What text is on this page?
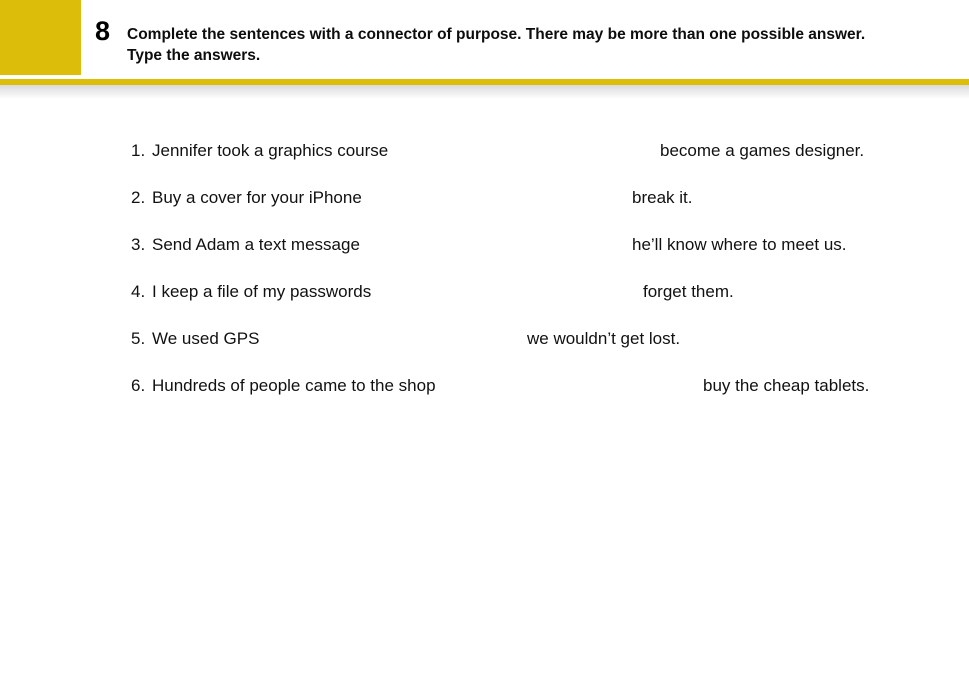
8 Complete the sentences with a connector of purpose. There may be more than one possible answer.
Type the answers.
1. Jennifer took a graphics course	become a games designer.
2. Buy a cover for your iPhone	break it.
3. Send Adam a text message	he’ll know where to meet us.
4. I keep a file of my passwords	forget them.
5. We used GPS	we wouldn’t get lost.
6. Hundreds of people came to the shop	buy the cheap tablets.
